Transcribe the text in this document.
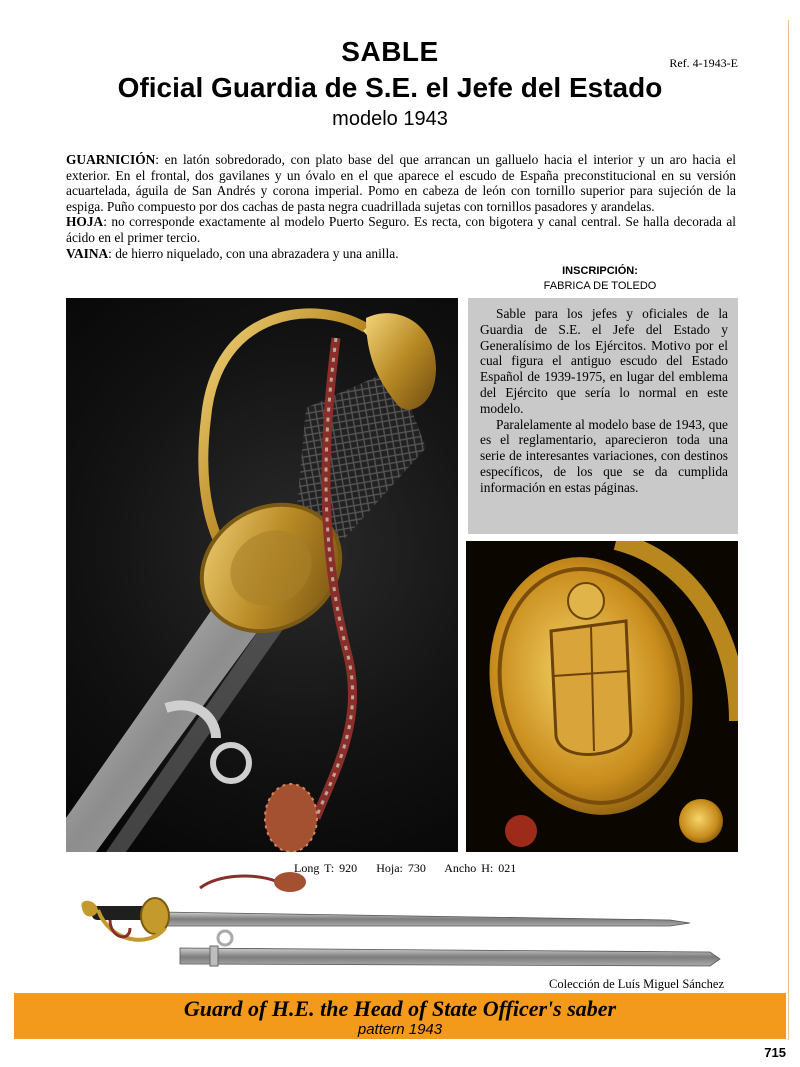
SABLE	Ref. 4-1943-E
Oficial Guardia de S.E. el Jefe del Estado
modelo 1943

GUARNICIÓN: en latón sobredorado, con plato base del que arrancan un galluelo hacia el interior y un aro hacia el exterior. En el frontal, dos gavilanes y un óvalo en el que aparece el escudo de España preconstitucional en su versión acuartelada, águila de San Andrés y corona imperial. Pomo en cabeza de león con tornillo superior para sujeción de la espiga. Puño compuesto por dos cachas de pasta negra cuadrillada sujetas con tornillos pasadores y arandelas.

HOJA: no corresponde exactamente al modelo Puerto Seguro. Es recta, con bigotera y canal central. Se halla decorada al ácido en el primer tercio.

VAINA: de hierro niquelado, con una abrazadera y una anilla.

INSCRIPCIÓN:
FABRICA DE TOLEDO

Sable para los jefes y oficiales de la Guardia de S.E. el Jefe del Estado y Generalísimo de los Ejércitos. Motivo por el cual figura el antiguo escudo del Estado Español de 1939-1975, en lugar del emblema del Ejército que sería lo normal en este modelo.

Paralelamente al modelo base de 1943, que es el reglamentario, aparecieron toda una serie de interesantes variaciones, con destinos específicos, de los que se da cumplida información en estas páginas.

Long T: 920 Hoja: 730 Ancho H: 021
Colección de Luís Miguel Sánchez
Guard of H.E. the Head of State Officer's saber
pattern 1943
715
